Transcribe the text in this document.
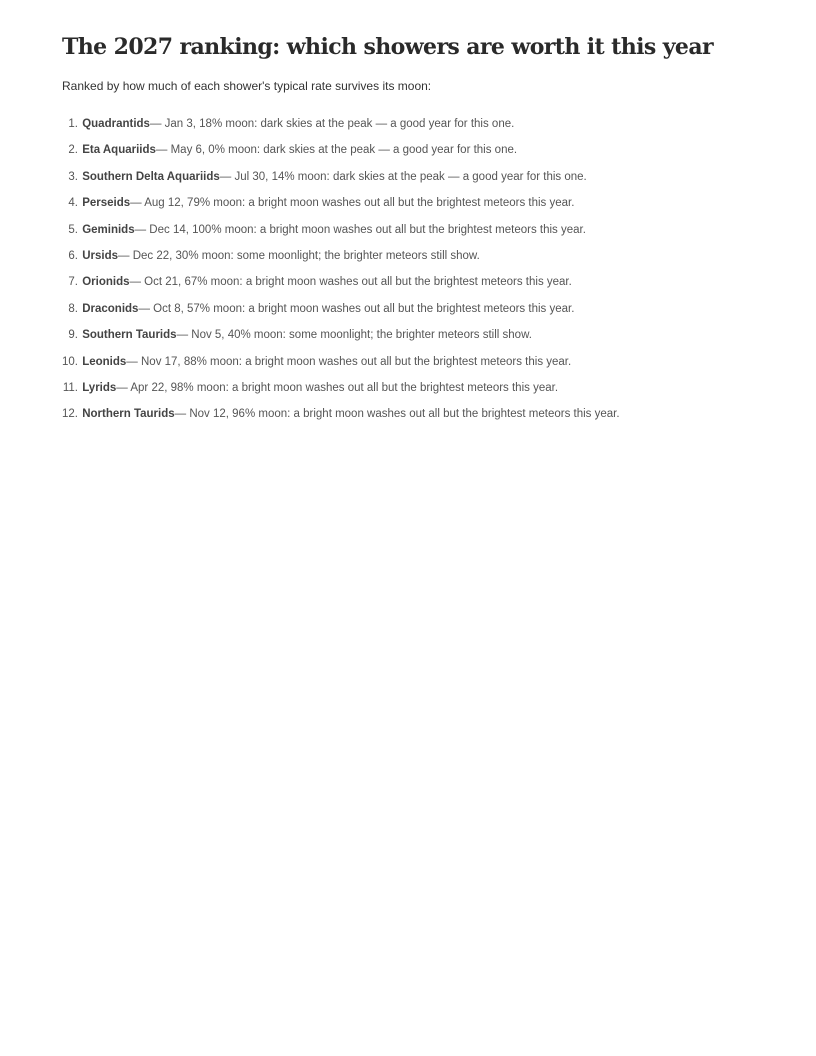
The 2027 ranking: which showers are worth it this year

Ranked by how much of each shower's typical rate survives its moon:

1.
Quadrantids — Jan 3, 18% moon: dark skies at the peak — a good year for this one.
2.
Eta Aquariids — May 6, 0% moon: dark skies at the peak — a good year for this one.
3.
Southern Delta Aquariids — Jul 30, 14% moon: dark skies at the peak — a good year for this one.
4.
Perseids — Aug 12, 79% moon: a bright moon washes out all but the brightest meteors this year.
5.
Geminids — Dec 14, 100% moon: a bright moon washes out all but the brightest meteors this year.
6.
Ursids — Dec 22, 30% moon: some moonlight; the brighter meteors still show.
7.
Orionids — Oct 21, 67% moon: a bright moon washes out all but the brightest meteors this year.
8.
Draconids — Oct 8, 57% moon: a bright moon washes out all but the brightest meteors this year.
9.
Southern Taurids — Nov 5, 40% moon: some moonlight; the brighter meteors still show.
10.
Leonids — Nov 17, 88% moon: a bright moon washes out all but the brightest meteors this year.
11.
Lyrids — Apr 22, 98% moon: a bright moon washes out all but the brightest meteors this year.
12.
Northern Taurids — Nov 12, 96% moon: a bright moon washes out all but the brightest meteors this year.
